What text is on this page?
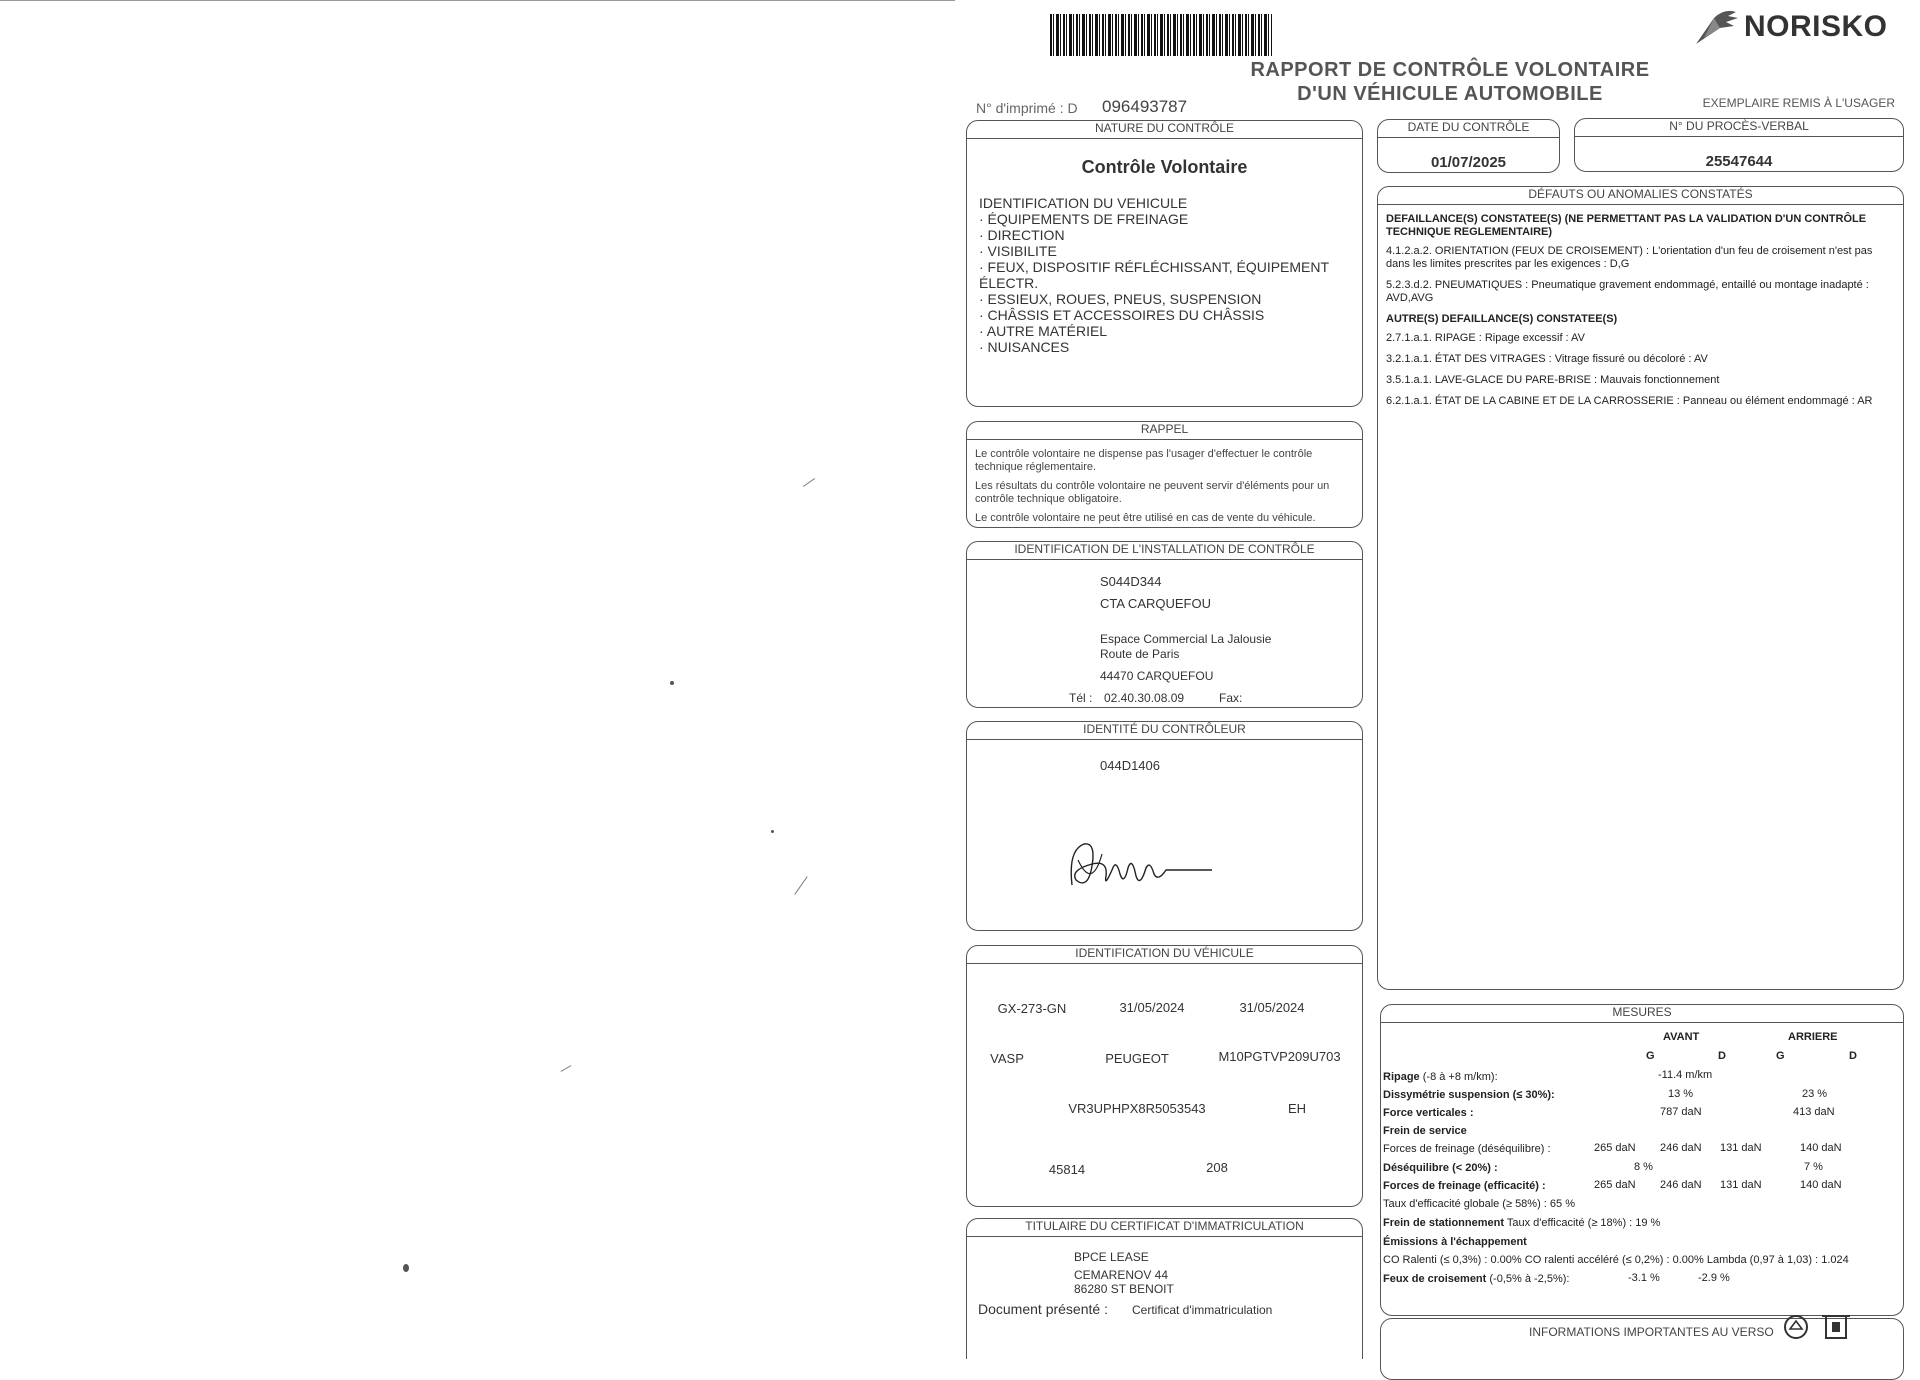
NORISKO
RAPPORT DE CONTRÔLE VOLONTAIRE
D'UN VÉHICULE AUTOMOBILE	EXEMPLAIRE REMIS À L'USAGER
N° d'imprimé : D 096493787
NATURE DU CONTRÔLE
Contrôle Volontaire
IDENTIFICATION DU VEHICULE
· ÉQUIPEMENTS DE FREINAGE
· DIRECTION
· VISIBILITE
· FEUX, DISPOSITIF RÉFLÉCHISSANT, ÉQUIPEMENT ÉLECTR.
· ESSIEUX, ROUES, PNEUS, SUSPENSION
· CHÂSSIS ET ACCESSOIRES DU CHÂSSIS
· AUTRE MATÉRIEL
· NUISANCES
DATE DU CONTRÔLE
01/07/2025
N° DU PROCÈS-VERBAL
25547644
DÉFAUTS OU ANOMALIES CONSTATÉS

DEFAILLANCE(S) CONSTATEE(S) (NE PERMETTANT PAS LA VALIDATION D'UN CONTRÔLE TECHNIQUE REGLEMENTAIRE)

4.1.2.a.2. ORIENTATION (FEUX DE CROISEMENT) : L'orientation d'un feu de croisement n'est pas dans les limites prescrites par les exigences : D,G

5.2.3.d.2. PNEUMATIQUES : Pneumatique gravement endommagé, entaillé ou montage inadapté : AVD,AVG

AUTRE(S) DEFAILLANCE(S) CONSTATEE(S)

2.7.1.a.1. RIPAGE : Ripage excessif : AV

3.2.1.a.1. ÉTAT DES VITRAGES : Vitrage fissuré ou décoloré : AV

3.5.1.a.1. LAVE-GLACE DU PARE-BRISE : Mauvais fonctionnement

6.2.1.a.1. ÉTAT DE LA CABINE ET DE LA CARROSSERIE : Panneau ou élément endommagé : AR

RAPPEL

Le contrôle volontaire ne dispense pas l'usager d'effectuer le contrôle technique réglementaire.

Les résultats du contrôle volontaire ne peuvent servir d'éléments pour un contrôle technique obligatoire.

Le contrôle volontaire ne peut être utilisé en cas de vente du véhicule.

IDENTIFICATION DE L'INSTALLATION DE CONTRÔLE
S044D344
CTA CARQUEFOU
Espace Commercial La Jalousie
Route de Paris
44470 CARQUEFOU
Tél : 02.40.30.08.09	Fax:
IDENTITÉ DU CONTRÔLEUR
044D1406
IDENTIFICATION DU VÉHICULE
GX-273-GN	31/05/2024	31/05/2024
VASP	PEUGEOT	M10PGTVP209U703
VR3UPHPX8R5053543	EH
45814	208
TITULAIRE DU CERTIFICAT D'IMMATRICULATION
BPCE LEASE
CEMARENOV 44
86280 ST BENOIT
Document présenté : Certificat d'immatriculation
MESURES
AVANT	ARRIERE
G	D	G	D
Ripage (-8 à +8 m/km):	-11.4 m/km
Dissymétrie suspension (≤ 30%):	13 %	23 %
Force verticales :	787 daN	413 daN
Frein de service
Forces de freinage (déséquilibre) :	265 daN 246 daN 131 daN	140 daN
Déséquilibre (< 20%) :	8 %	7 %
Forces de freinage (efficacité) :	265 daN 246 daN 131 daN	140 daN
Taux d'efficacité globale (≥ 58%) : 65 %
Frein de stationnement Taux d'efficacité (≥ 18%) : 19 %
Émissions à l'échappement
CO Ralenti (≤ 0,3%) : 0.00% CO ralenti accéléré (≤ 0,2%) : 0.00% Lambda (0,97 à 1,03) : 1.024
Feux de croisement (-0,5% à -2,5%):	-3.1 %	-2.9 %
INFORMATIONS IMPORTANTES AU VERSO
